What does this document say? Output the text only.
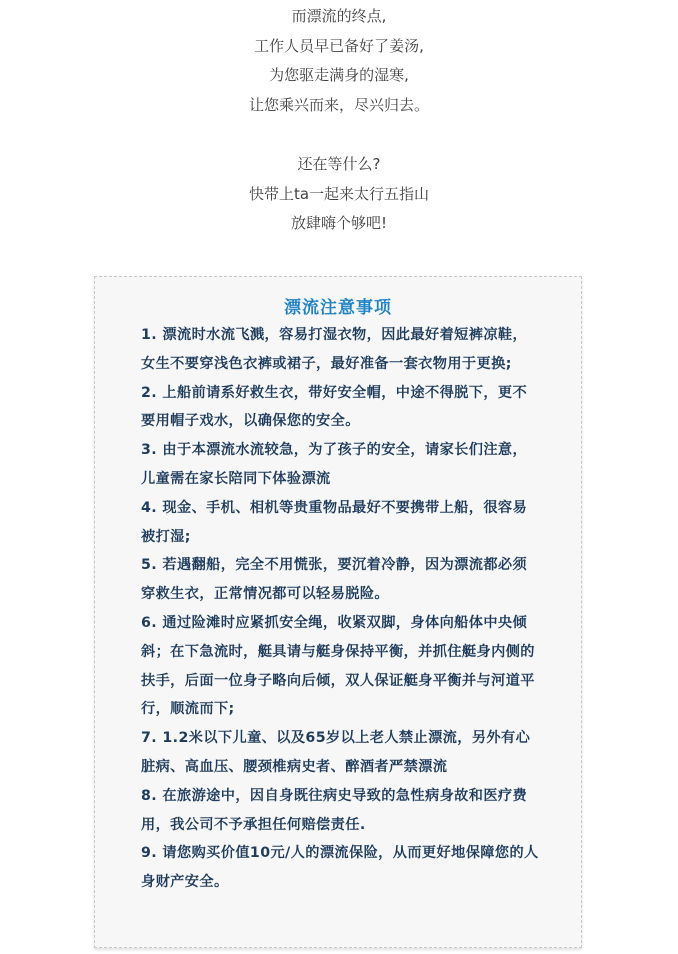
而漂流的终点,
工作人员早已备好了姜汤,
为您驱走满身的湿寒,
让您乘兴而来，尽兴归去。
还在等什么?
快带上ta一起来太行五指山
放肆嗨个够吧!
漂流注意事项
1. 漂流时水流飞溅，容易打湿衣物，因此最好着短裤凉鞋，女生不要穿浅色衣裤或裙子，最好准备一套衣物用于更换;
2. 上船前请系好救生衣，带好安全帽，中途不得脱下，更不要用帽子戏水，以确保您的安全。
3. 由于本漂流水流较急，为了孩子的安全，请家长们注意，儿童需在家长陪同下体验漂流
4. 现金、手机、相机等贵重物品最好不要携带上船，很容易被打湿;
5. 若遇翻船，完全不用慌张，要沉着冷静，因为漂流都必须穿救生衣，正常情况都可以轻易脱险。
6. 通过险滩时应紧抓安全绳，收紧双脚，身体向船体中央倾斜；在下急流时，艇具请与艇身保持平衡，并抓住艇身内侧的扶手，后面一位身子略向后倾，双人保证艇身平衡并与河道平行，顺流而下;
7. 1.2米以下儿童、以及65岁以上老人禁止漂流，另外有心脏病、高血压、腰颈椎病史者、醉酒者严禁漂流
8. 在旅游途中，因自身既往病史导致的急性病身故和医疗费用，我公司不予承担任何赔偿责任.
9. 请您购买价值10元/人的漂流保险，从而更好地保障您的人身财产安全。
